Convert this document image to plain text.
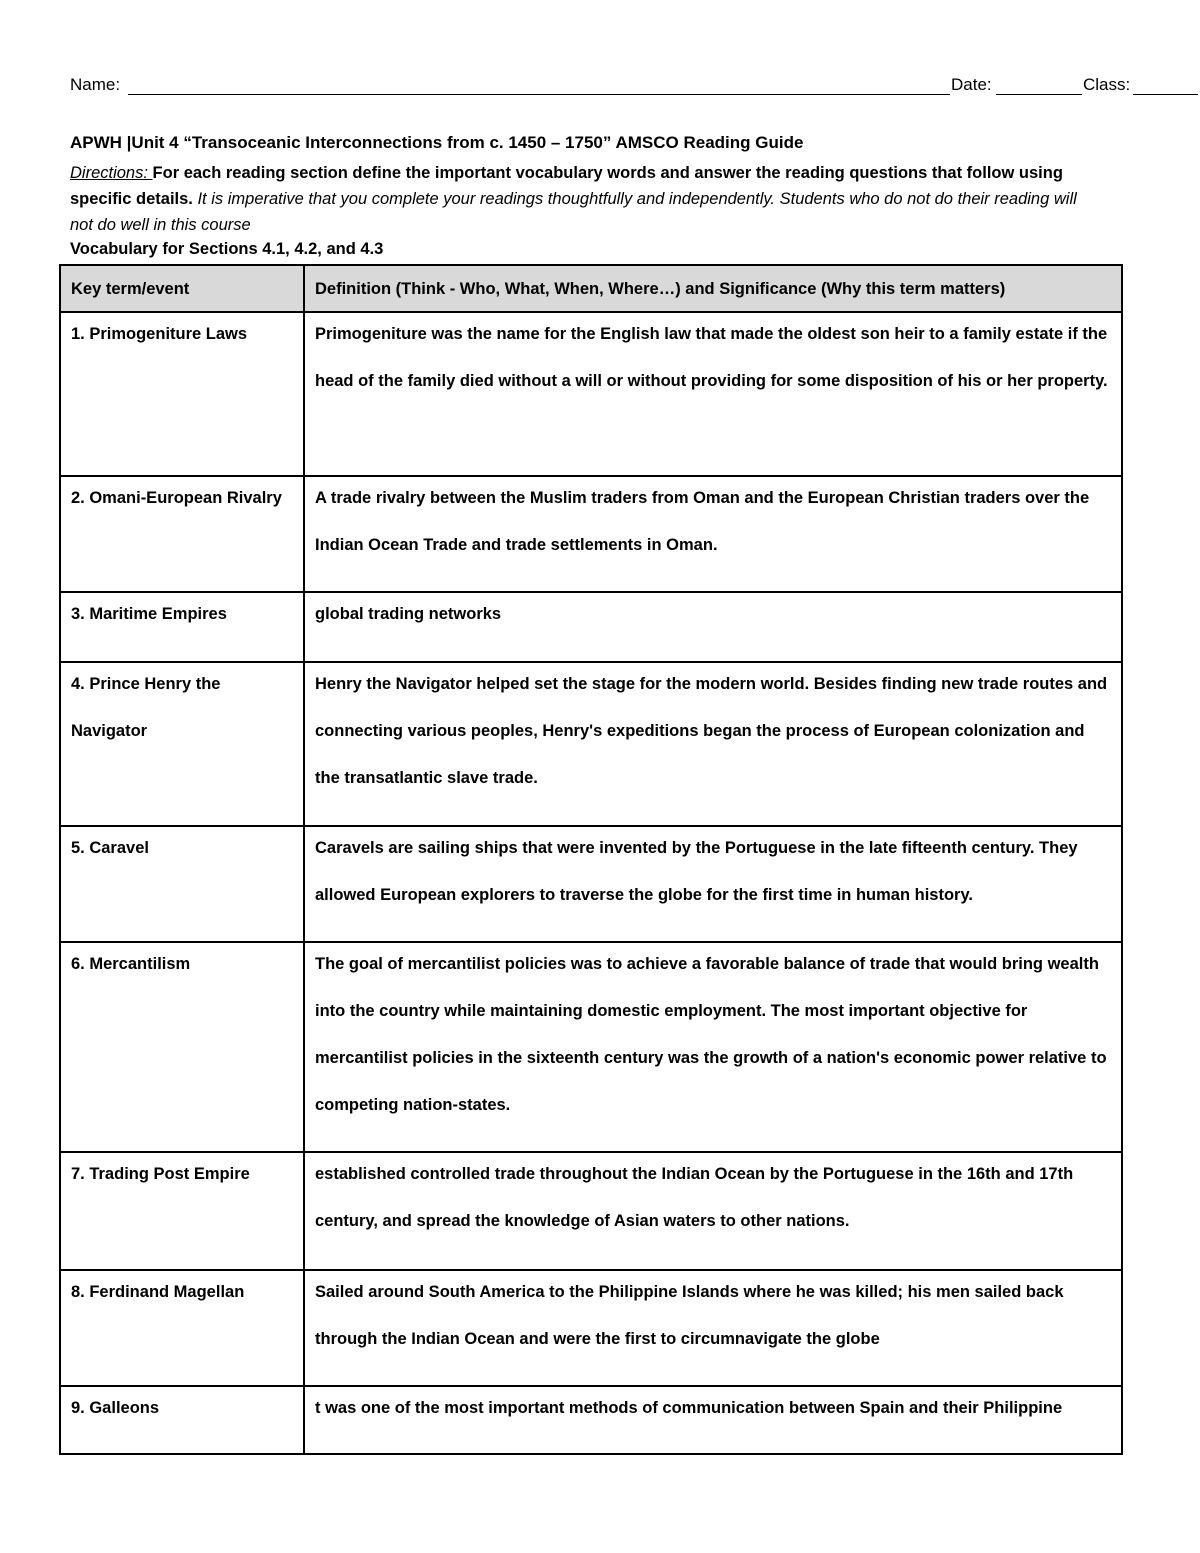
Name:	Date:	Class:
APWH |Unit 4 “Transoceanic Interconnections from c. 1450 – 1750” AMSCO Reading Guide
Directions: For each reading section define the important vocabulary words and answer the reading questions that follow using specific details. It is imperative that you complete your readings thoughtfully and independently. Students who do not do their reading will not do well in this course
Vocabulary for Sections 4.1, 4.2, and 4.3
Key term/event	Definition (Think - Who, What, When, Where…) and Significance (Why this term matters)

1. Primogeniture Laws	Primogeniture was the name for the English law that made the oldest son heir to a family estate if the head of the family died without a will or without providing for some disposition of his or her property.

2. Omani-European Rivalry	A trade rivalry between the Muslim traders from Oman and the European Christian traders over the Indian Ocean Trade and trade settlements in Oman.

3. Maritime Empires	global trading networks

4. Prince Henry the Navigator	Henry the Navigator helped set the stage for the modern world. Besides finding new trade routes and connecting various peoples, Henry's expeditions began the process of European colonization and the transatlantic slave trade.

5. Caravel	Caravels are sailing ships that were invented by the Portuguese in the late fifteenth century. They allowed European explorers to traverse the globe for the first time in human history.

6. Mercantilism	The goal of mercantilist policies was to achieve a favorable balance of trade that would bring wealth into the country while maintaining domestic employment. The most important objective for mercantilist policies in the sixteenth century was the growth of a nation's economic power relative to competing nation-states.

7. Trading Post Empire	established controlled trade throughout the Indian Ocean by the Portuguese in the 16th and 17th century, and spread the knowledge of Asian waters to other nations.

8. Ferdinand Magellan	Sailed around South America to the Philippine Islands where he was killed; his men sailed back through the Indian Ocean and were the first to circumnavigate the globe

9. Galleons	t was one of the most important methods of communication between Spain and their Philippine
